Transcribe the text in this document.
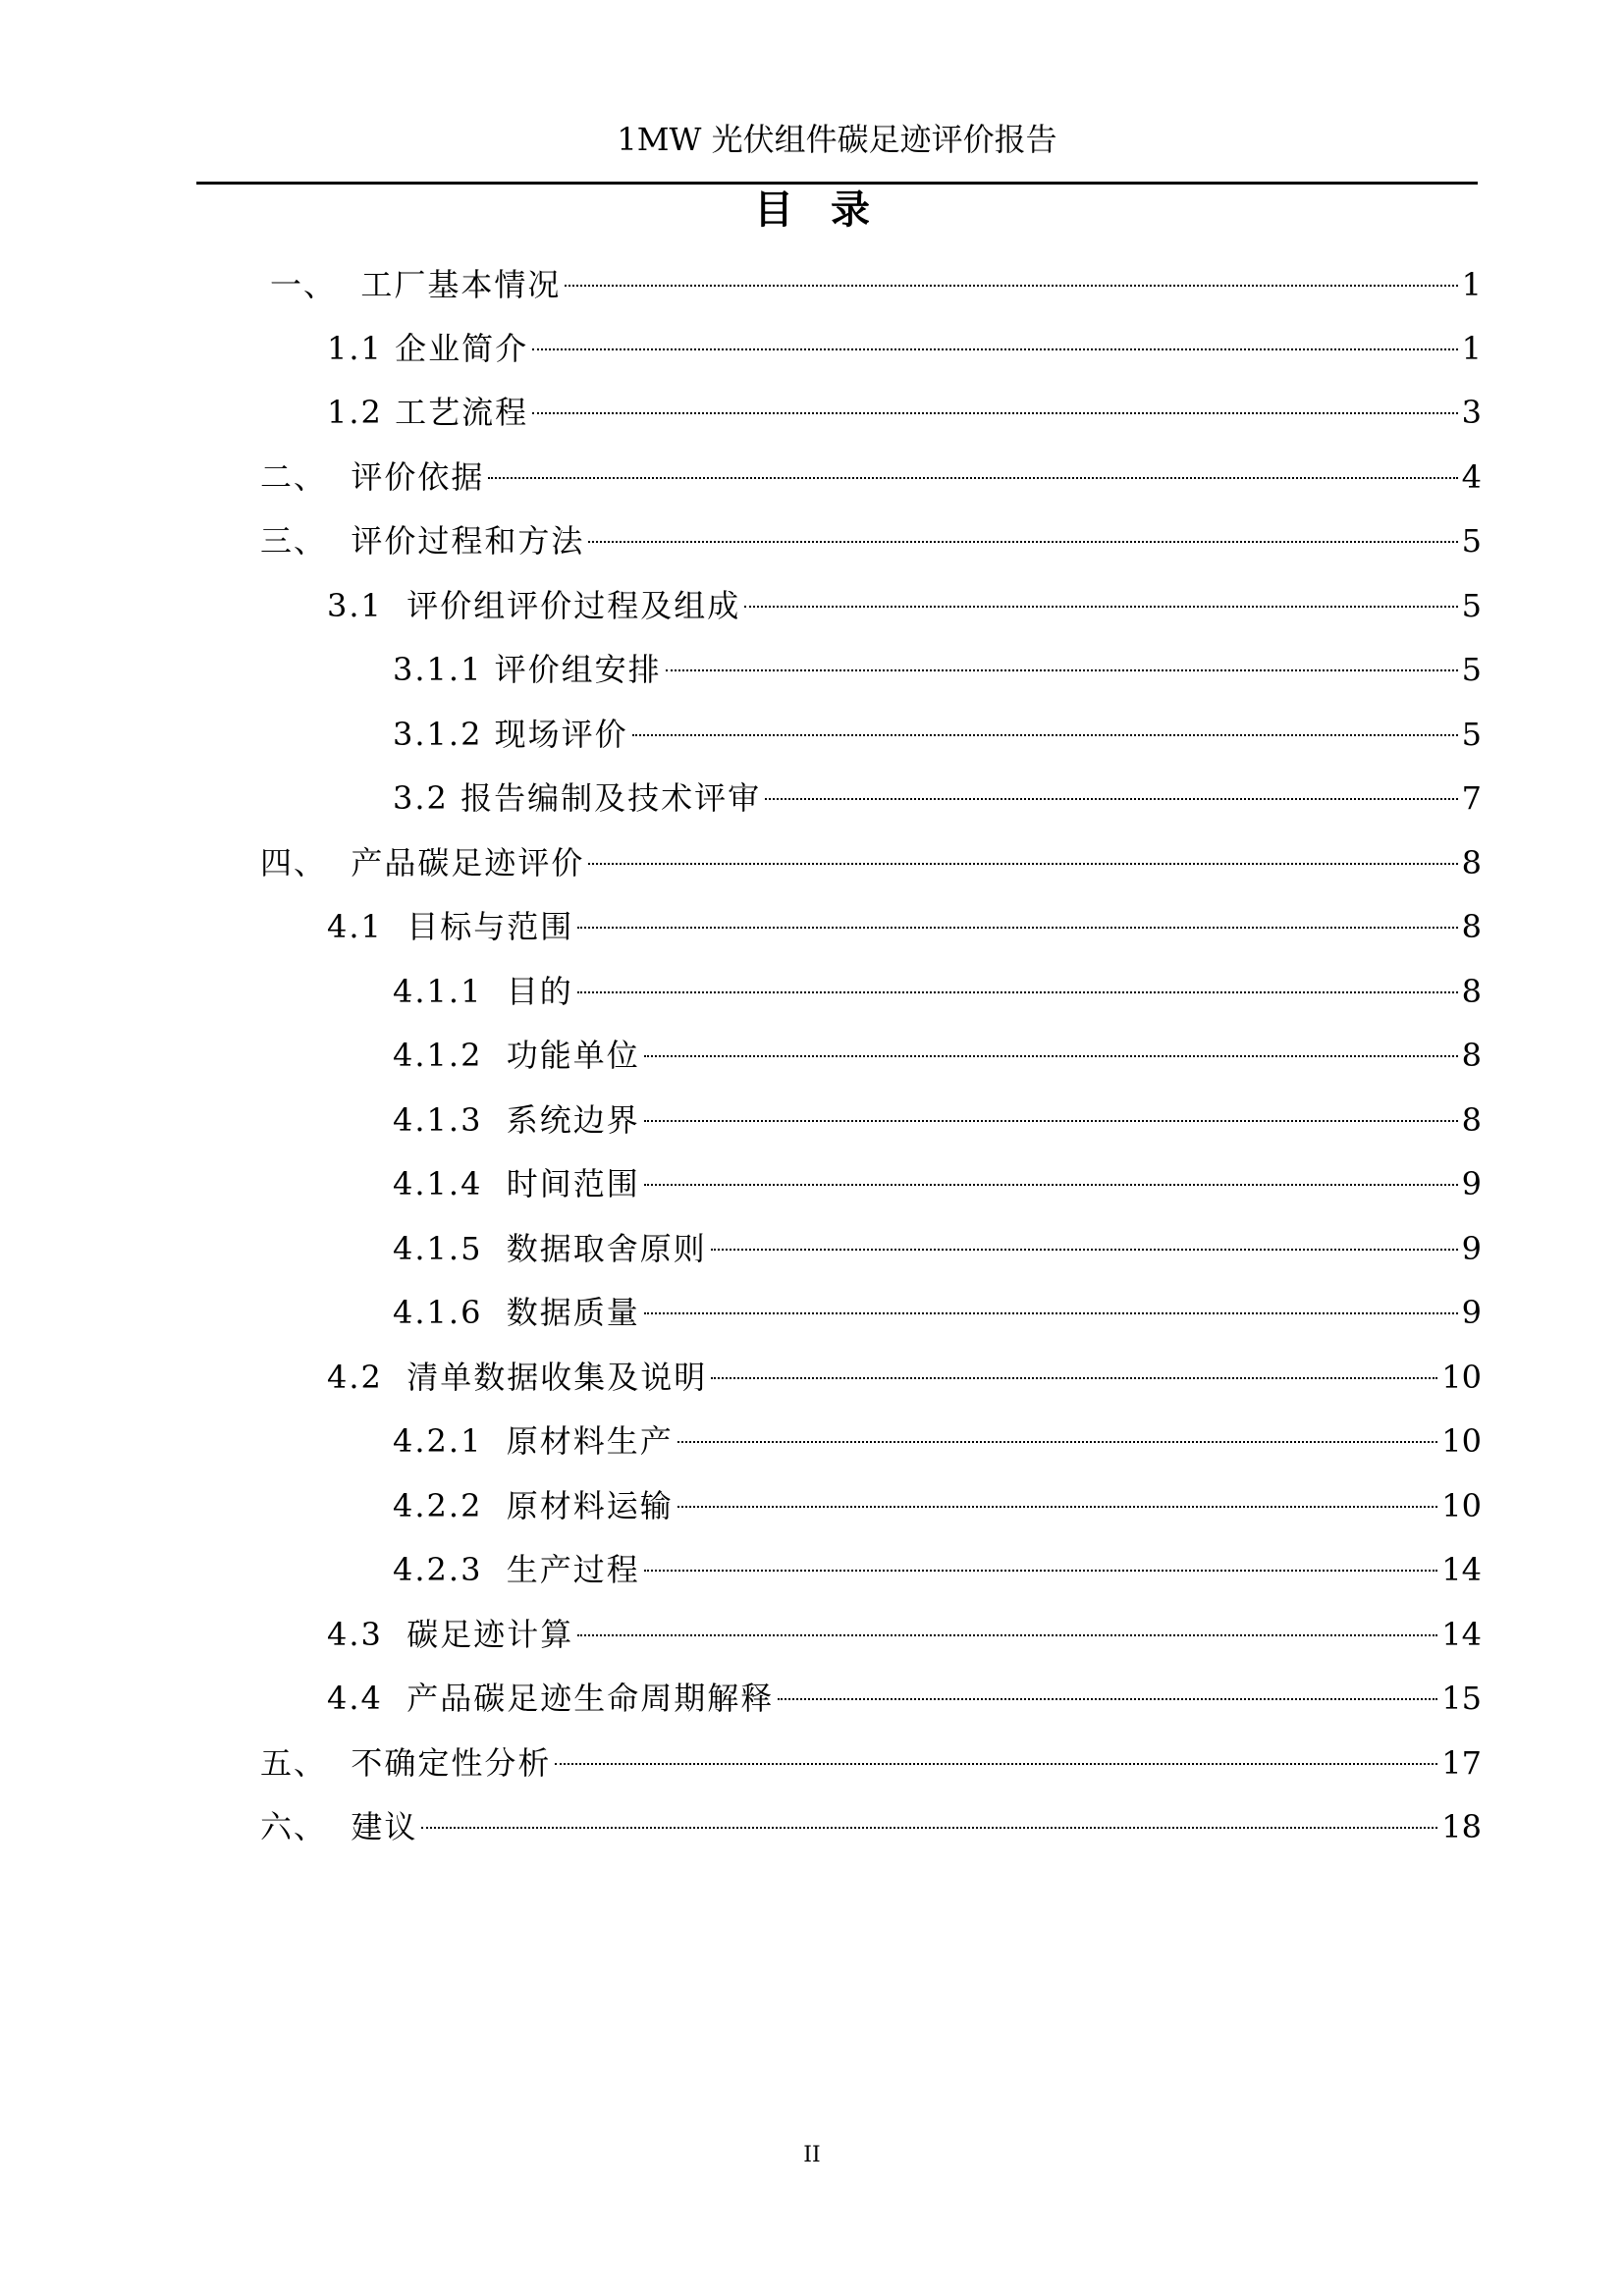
1MW 光伏组件碳足迹评价报告
目录
一、  工厂基本情况	1
1.1 企业简介	1
1.2 工艺流程	3
二、  评价依据	4
三、  评价过程和方法	5
3.1  评价组评价过程及组成	5
3.1.1 评价组安排	5
3.1.2 现场评价	5
3.2 报告编制及技术评审	7
四、  产品碳足迹评价	8
4.1  目标与范围	8
4.1.1  目的	8
4.1.2  功能单位	8
4.1.3  系统边界	8
4.1.4  时间范围	9
4.1.5  数据取舍原则	9
4.1.6  数据质量	9
4.2  清单数据收集及说明	10
4.2.1  原材料生产	10
4.2.2  原材料运输	10
4.2.3  生产过程	14
4.3  碳足迹计算	14
4.4  产品碳足迹生命周期解释	15
五、  不确定性分析	17
六、  建议	18
II
